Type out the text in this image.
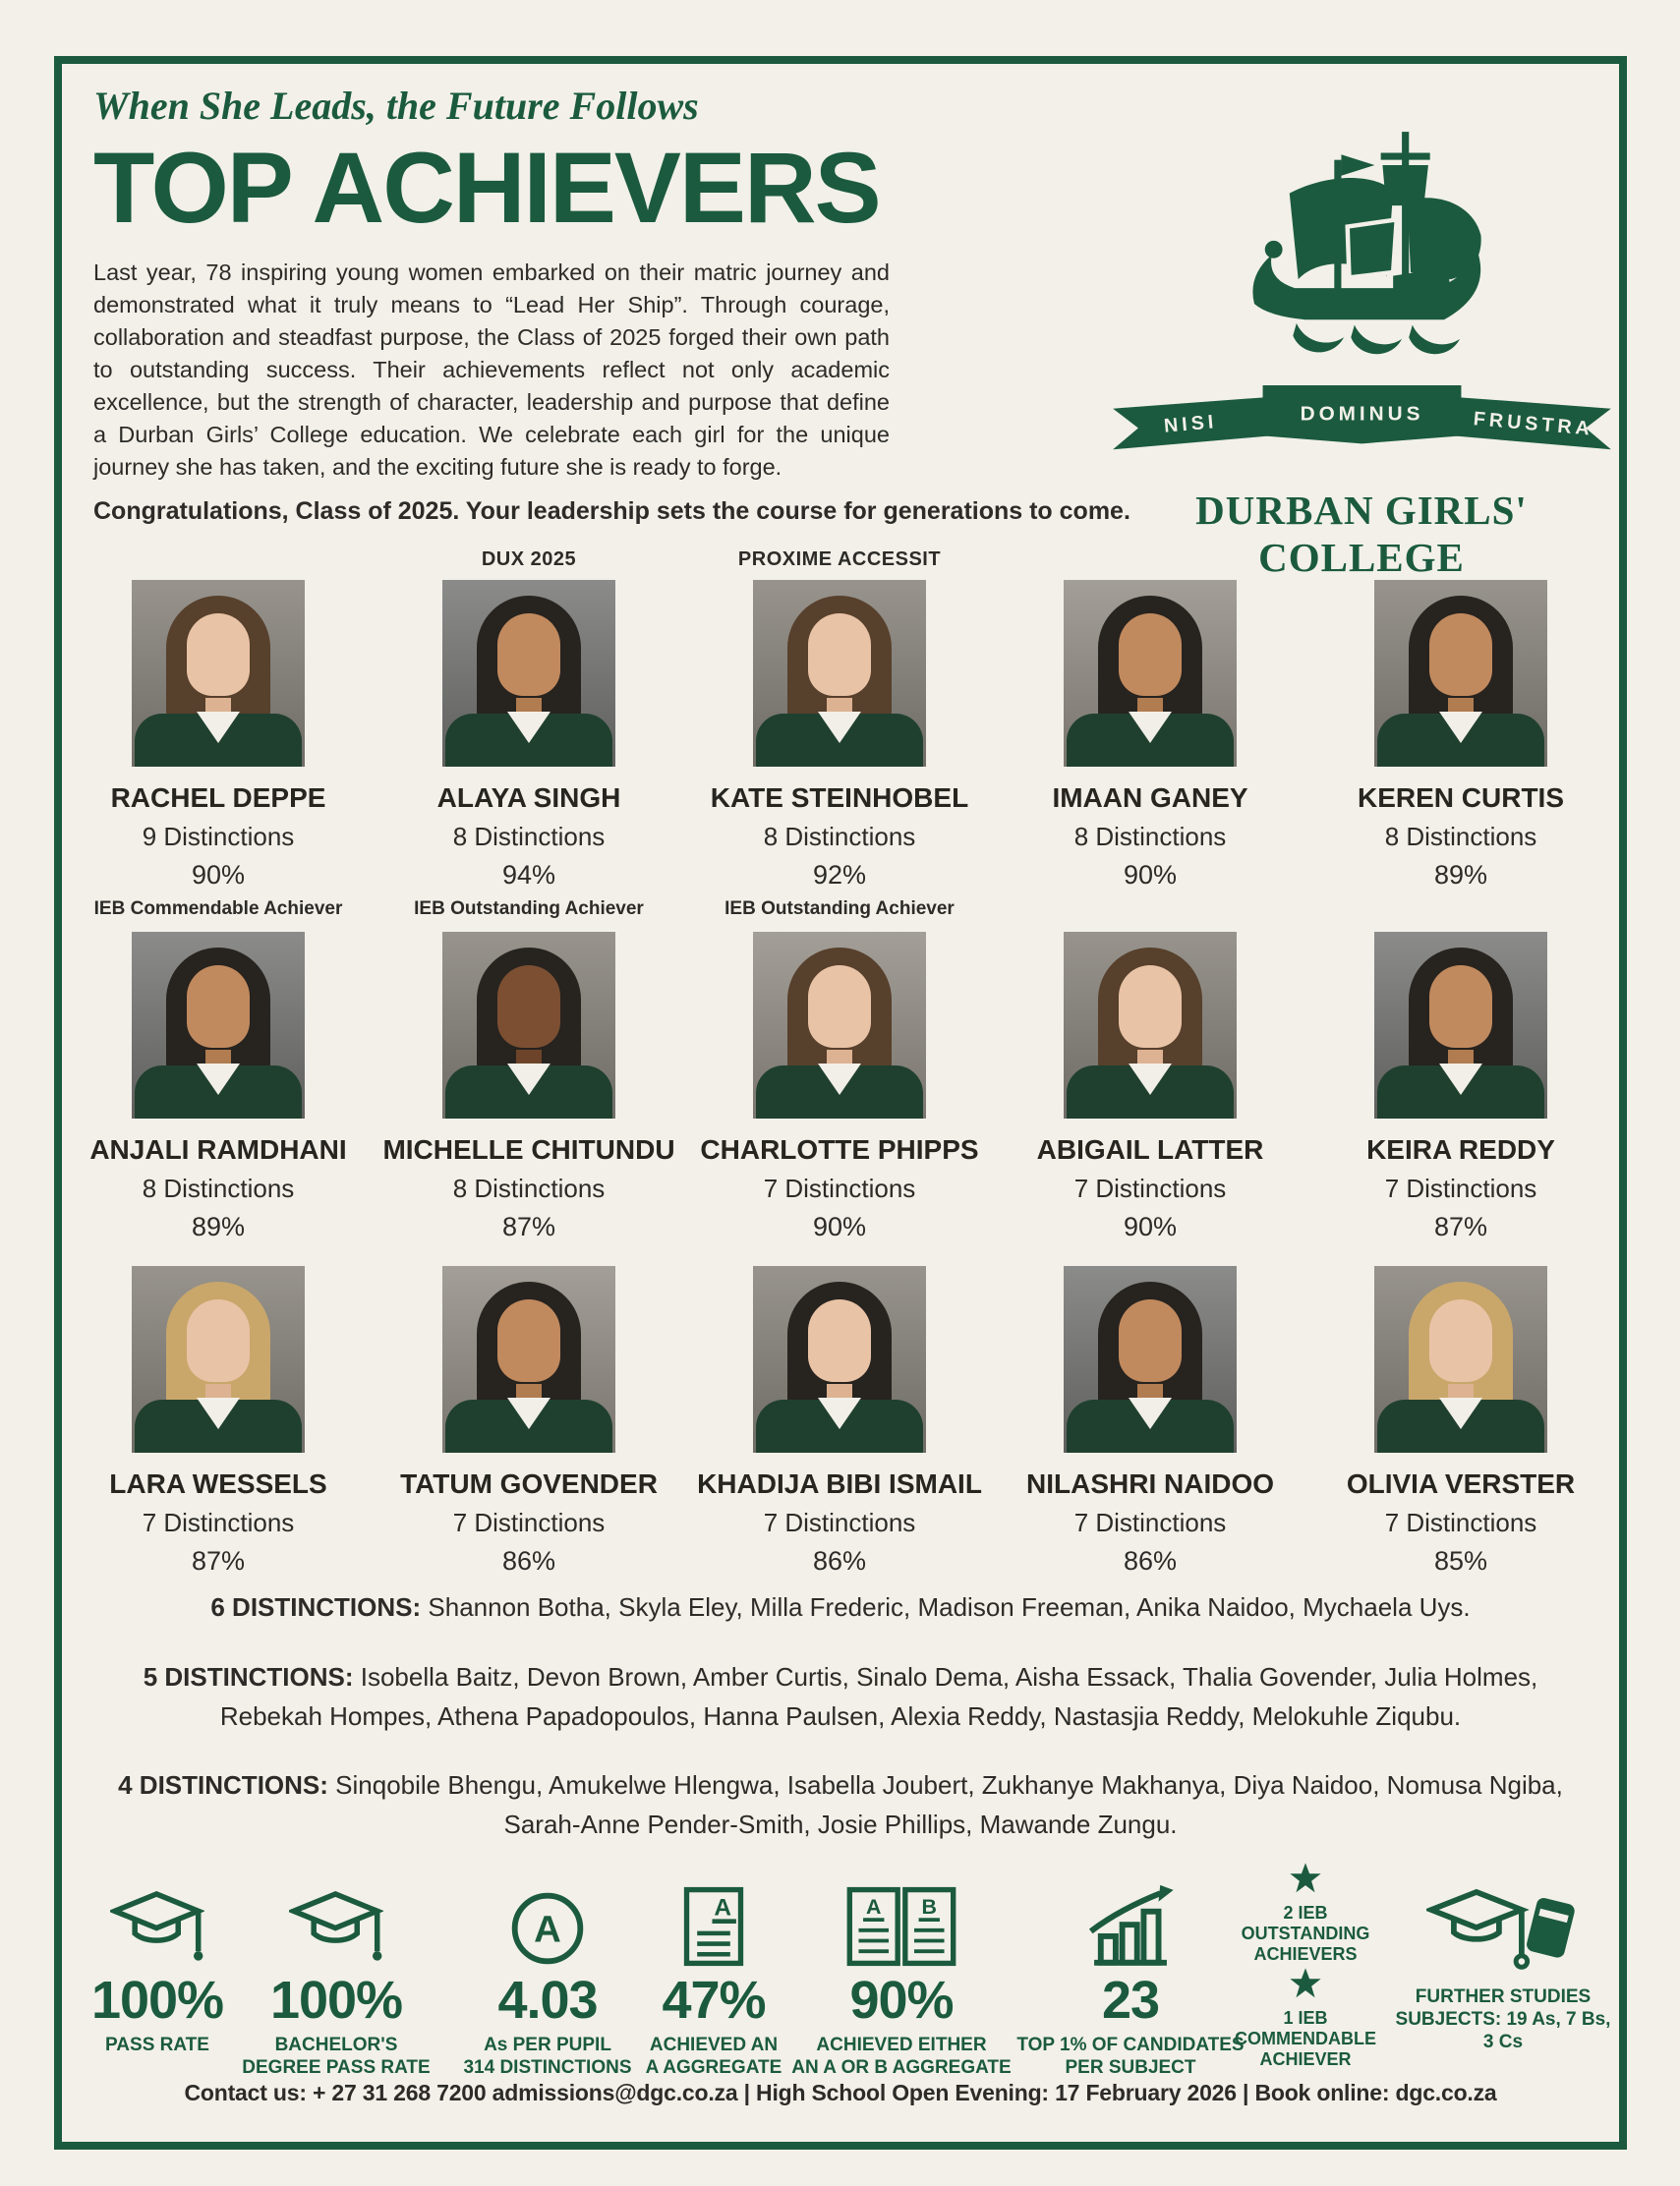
When She Leads, the Future Follows
TOP ACHIEVERS
Last year, 78 inspiring young women embarked on their matric journey and demonstrated what it truly means to “Lead Her Ship”. Through courage, collaboration and steadfast purpose, the Class of 2025 forged their own path to outstanding success. Their achievements reflect not only academic excellence, but the strength of character, leadership and purpose that define a Durban Girls’ College education. We celebrate each girl for the unique journey she has taken, and the exciting future she is ready to forge.
Congratulations, Class of 2025. Your leadership sets the course for generations to come.
NISI	DOMINUS FRUSTRA
DURBAN GIRLS' COLLEGE
RACHEL DEPPE
9 Distinctions
90%
IEB Commendable Achiever
DUX 2025
ALAYA SINGH
8 Distinctions
94%
IEB Outstanding Achiever
PROXIME ACCESSIT
KATE STEINHOBEL
8 Distinctions
92%
IEB Outstanding Achiever
IMAAN GANEY
8 Distinctions
90%
KEREN CURTIS
8 Distinctions
89%
ANJALI RAMDHANI
8 Distinctions
89%
MICHELLE CHITUNDU
8 Distinctions
87%
CHARLOTTE PHIPPS
7 Distinctions
90%
ABIGAIL LATTER
7 Distinctions
90%
KEIRA REDDY
7 Distinctions
87%
LARA WESSELS
7 Distinctions
87%
TATUM GOVENDER
7 Distinctions
86%
KHADIJA BIBI ISMAIL
7 Distinctions
86%
NILASHRI NAIDOO
7 Distinctions
86%
OLIVIA VERSTER
7 Distinctions
85%
6 DISTINCTIONS: Shannon Botha, Skyla Eley, Milla Frederic, Madison Freeman, Anika Naidoo, Mychaela Uys.
5 DISTINCTIONS: Isobella Baitz, Devon Brown, Amber Curtis, Sinalo Dema, Aisha Essack, Thalia Govender, Julia Holmes, Rebekah Hompes, Athena Papadopoulos, Hanna Paulsen, Alexia Reddy, Nastasjia Reddy, Melokuhle Ziqubu.
4 DISTINCTIONS: Sinqobile Bhengu, Amukelwe Hlengwa, Isabella Joubert, Zukhanye Makhanya, Diya Naidoo, Nomusa Ngiba, Sarah-Anne Pender-Smith, Josie Phillips, Mawande Zungu.
100%
PASS RATE
100%
BACHELOR'S
DEGREE PASS RATE
A
4.03
As PER PUPIL
314 DISTINCTIONS
A
47%
ACHIEVED AN
A AGGREGATE
A B
90%
ACHIEVED EITHER
AN A OR B AGGREGATE
23
TOP 1% OF CANDIDATES
PER SUBJECT
2 IEB
OUTSTANDING
ACHIEVERS
1 IEB
COMMENDABLE
ACHIEVER
FURTHER STUDIES
SUBJECTS: 19 As, 7 Bs, 3 Cs
Contact us: + 27 31 268 7200 admissions@dgc.co.za | High School Open Evening: 17 February 2026 | Book online: dgc.co.za
